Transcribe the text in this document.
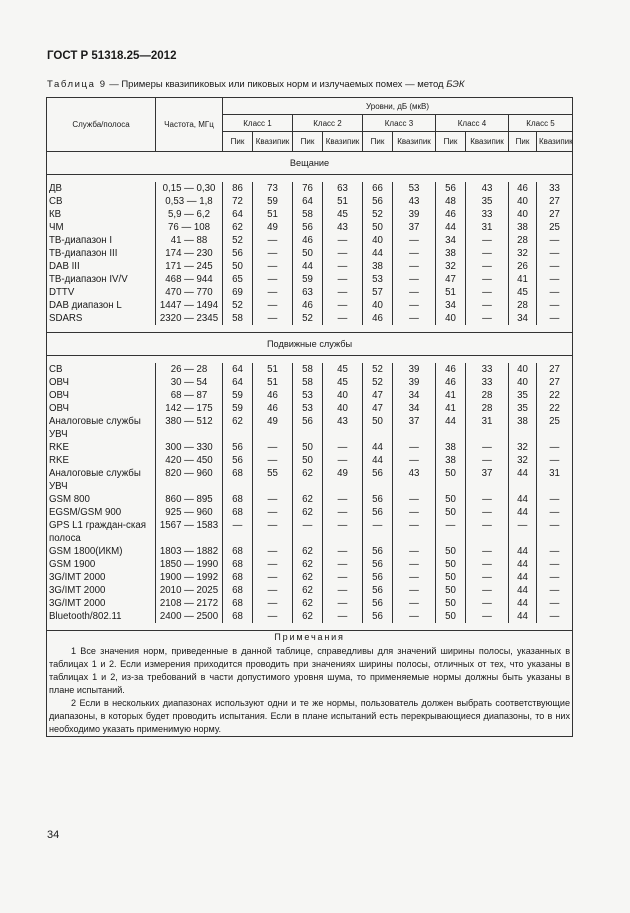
ГОСТ Р 51318.25—2012
Таблица 9 — Примеры квазипиковых или пиковых норм и излучаемых помех — метод БЭК
Служба/полоса	Частота, МГц	Уровни, дБ (мкВ)									
		Класс 1		Класс 2		Класс 3		Класс 4		Класс 5	
		Пик	Квазипик	Пик	Квазипик	Пик	Квазипик	Пик	Квазипик	Пик	Квазипик
Вещание											

ДВ	0,15 — 0,30	86	73	76	63	66	53	56	43	46	33
СВ	0,53 — 1,8	72	59	64	51	56	43	48	35	40	27
КВ	5,9 — 6,2	64	51	58	45	52	39	46	33	40	27
ЧМ	76 — 108	62	49	56	43	50	37	44	31	38	25
ТВ-диапазон I	41 — 88	52	—	46	—	40	—	34	—	28	—
ТВ-диапазон III	174 — 230	56	—	50	—	44	—	38	—	32	—
DAB III	171 — 245	50	—	44	—	38	—	32	—	26	—
ТВ-диапазон IV/V	468 — 944	65	—	59	—	53	—	47	—	41	—
DTTV	470 — 770	69	—	63	—	57	—	51	—	45	—
DAB диапазон L	1447 — 1494	52	—	46	—	40	—	34	—	28	—
SDARS	2320 — 2345	58	—	52	—	46	—	40	—	34	—

Подвижные службы											

СВ	26 — 28	64	51	58	45	52	39	46	33	40	27
ОВЧ	30 — 54	64	51	58	45	52	39	46	33	40	27
ОВЧ	68 — 87	59	46	53	40	47	34	41	28	35	22
ОВЧ	142 — 175	59	46	53	40	47	34	41	28	35	22
Аналоговые службы УВЧ	380 — 512	62	49	56	43	50	37	44	31	38	25
RKE	300 — 330	56	—	50	—	44	—	38	—	32	—
RKE	420 — 450	56	—	50	—	44	—	38	—	32	—
Аналоговые службы УВЧ	820 — 960	68	55	62	49	56	43	50	37	44	31
GSM 800	860 — 895	68	—	62	—	56	—	50	—	44	—
EGSM/GSM 900	925 — 960	68	—	62	—	56	—	50	—	44	—
GPS L1 граждан-ская полоса	1567 — 1583	—	—	—	—	—	—	—	—	—	—
GSM 1800(ИКМ)	1803 — 1882	68	—	62	—	56	—	50	—	44	—
GSM 1900	1850 — 1990	68	—	62	—	56	—	50	—	44	—
3G/IMT 2000	1900 — 1992	68	—	62	—	56	—	50	—	44	—
3G/IMT 2000	2010 — 2025	68	—	62	—	56	—	50	—	44	—
3G/IMT 2000	2108 — 2172	68	—	62	—	56	—	50	—	44	—
Bluetooth/802.11	2400 — 2500	68	—	62	—	56	—	50	—	44	—

Примечания

1 Все значения норм, приведенные в данной таблице, справедливы для значений ширины полосы, указанных в таблицах 1 и 2. Если измерения приходится проводить при значениях ширины полосы, отличных от тех, что указаны в таблицах 1 и 2, из-за требований в части допустимого уровня шума, то применяемые нормы должны быть указаны в плане испытаний.

2 Если в нескольких диапазонах используют одни и те же нормы, пользователь должен выбрать соответствующие диапазоны, в которых будет проводить испытания. Если в плане испытаний есть перекрывающиеся диапазоны, то в них необходимо указать применимую норму.											

34
